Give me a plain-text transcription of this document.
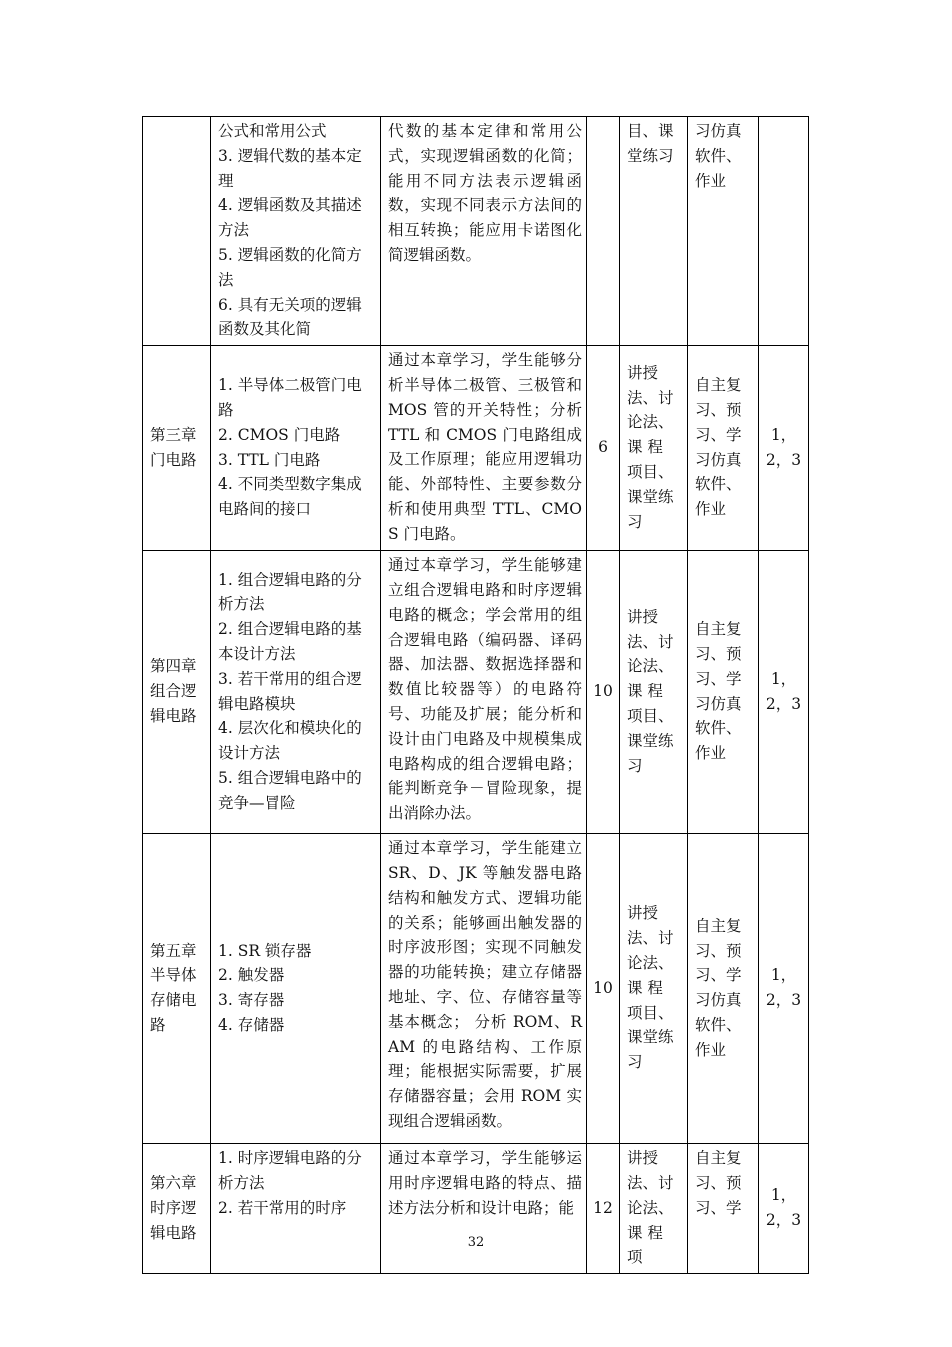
	公式和常用公式
3. 逻辑代数的基本定理
4. 逻辑函数及其描述方法
5. 逻辑函数的化简方法
6. 具有无关项的逻辑函数及其化简	代数的基本定律和常用公式，实现逻辑函数的化简；能用不同方法表示逻辑函数，实现不同表示方法间的相互转换；能应用卡诺图化简逻辑函数。		目、课堂练习	习仿真软件、作业	
第三章门电路	1. 半导体二极管门电路
2. CMOS 门电路
3. TTL 门电路
4. 不同类型数字集成电路间的接口	通过本章学习，学生能够分析半导体二极管、三极管和MOS 管的开关特性；分析TTL 和 CMOS 门电路组成及工作原理；能应用逻辑功能、外部特性、主要参数分析和使用典型 TTL、CMOS 门电路。	6	讲授法、讨论法、课 程 项目、课堂练习	自主复习、预习、学习仿真软件、作业	1，2，3
第四章组合逻辑电路	1. 组合逻辑电路的分析方法
2. 组合逻辑电路的基本设计方法
3. 若干常用的组合逻辑电路模块
4. 层次化和模块化的设计方法
5. 组合逻辑电路中的竞争—冒险	通过本章学习，学生能够建立组合逻辑电路和时序逻辑电路的概念；学会常用的组合逻辑电路（编码器、译码器、加法器、数据选择器和数值比较器等）的电路符号、功能及扩展；能分析和设计由门电路及中规模集成电路构成的组合逻辑电路；能判断竞争－冒险现象，提出消除办法。	10	讲授法、讨论法、课 程 项目、课堂练习	自主复习、预习、学习仿真软件、作业	1，2，3
第五章半导体存储电路	1. SR 锁存器
2. 触发器
3. 寄存器
4. 存储器	通过本章学习，学生能建立SR、D、JK 等触发器电路结构和触发方式、逻辑功能的关系；能够画出触发器的时序波形图；实现不同触发器的功能转换；建立存储器地址、字、位、存储容量等基本概念； 分析 ROM、RAM 的电路结构、工作原理；能根据实际需要，扩展存储器容量；会用 ROM 实现组合逻辑函数。	10	讲授法、讨论法、课 程 项目、课堂练习	自主复习、预习、学习仿真软件、作业	1，2，3
第六章时序逻辑电路	1. 时序逻辑电路的分析方法
2. 若干常用的时序	通过本章学习，学生能够运用时序逻辑电路的特点、描述方法分析和设计电路；能	12	讲授法、讨论法、课 程 项	自主复习、预习、学	1，2，3
32
